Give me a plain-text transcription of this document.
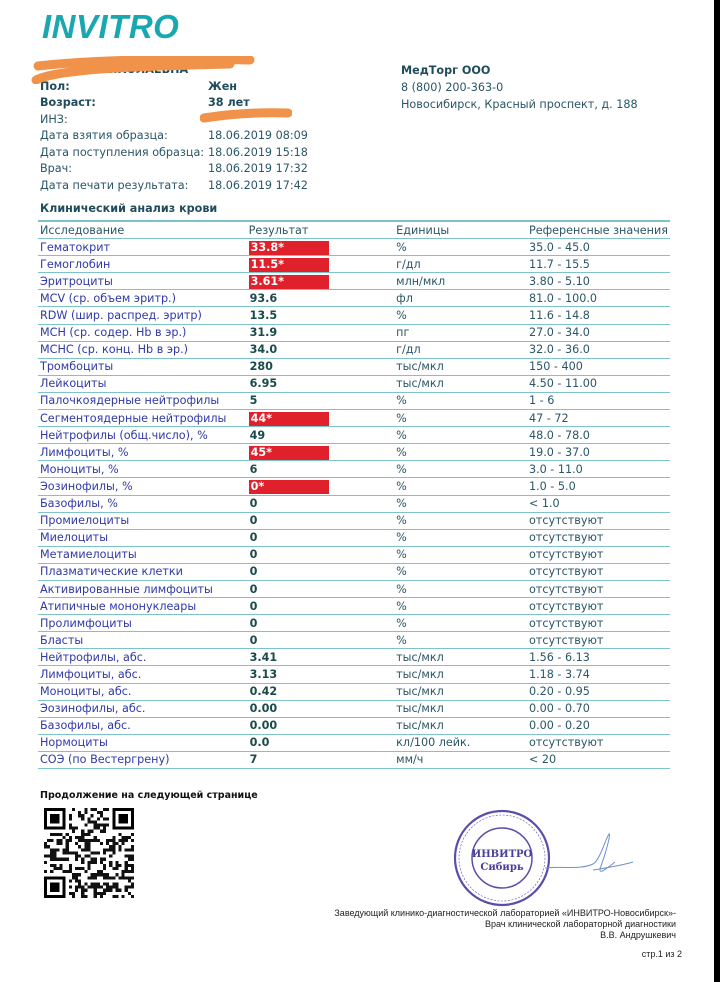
INVITRO
ИКОЛАЕВНА
Пол:	Жен
Возраст:	38 лет
ИНЗ:
Дата взятия образца:	18.06.2019 08:09
Дата поступления образца: 18.06.2019 15:18
Врач:	18.06.2019 17:32
Дата печати результата:	18.06.2019 17:42
МедТорг ООО
8 (800) 200-363-0
Новосибирск, Красный проспект, д. 188
Клинический анализ крови
Исследование	Результат	Единицы	Референсные значения
Гематокрит	33.8*	%	35.0 - 45.0
Гемоглобин	11.5*	г/дл	11.7 - 15.5
Эритроциты	3.61*	млн/мкл	3.80 - 5.10
MCV (ср. объем эритр.)	93.6	фл	81.0 - 100.0
RDW (шир. распред. эритр)	13.5	%	11.6 - 14.8
MCH (ср. содер. Hb в эр.)	31.9	пг	27.0 - 34.0
MCHC (ср. конц. Hb в эр.)	34.0	г/дл	32.0 - 36.0
Тромбоциты	280	тыс/мкл	150 - 400
Лейкоциты	6.95	тыс/мкл	4.50 - 11.00
Палочкоядерные нейтрофилы	5	%	1 - 6
Сегментоядерные нейтрофилы	44*	%	47 - 72
Нейтрофилы (общ.число), %	49	%	48.0 - 78.0
Лимфоциты, %	45*	%	19.0 - 37.0
Моноциты, %	6	%	3.0 - 11.0
Эозинофилы, %	0*	%	1.0 - 5.0
Базофилы, %	0	%	< 1.0
Промиелоциты	0	%	отсутствуют
Миелоциты	0	%	отсутствуют
Метамиелоциты	0	%	отсутствуют
Плазматические клетки	0	%	отсутствуют
Активированные лимфоциты	0	%	отсутствуют
Атипичные мононуклеары	0	%	отсутствуют
Пролимфоциты	0	%	отсутствуют
Бласты	0	%	отсутствуют
Нейтрофилы, абс.	3.41	тыс/мкл	1.56 - 6.13
Лимфоциты, абс.	3.13	тыс/мкл	1.18 - 3.74
Моноциты, абс.	0.42	тыс/мкл	0.20 - 0.95
Эозинофилы, абс.	0.00	тыс/мкл	0.00 - 0.70
Базофилы, абс.	0.00	тыс/мкл	0.00 - 0.20
Нормоциты	0.0	кл/100 лейк.	отсутствуют
СОЭ (по Вестергрену)	7	мм/ч	< 20
Продолжение на следующей странице
ИНВИТРО
Сибирь
Заведующий клинико-диагностической лабораторией «ИНВИТРО-Новосибирск»-
Врач клинической лабораторной диагностики
В.В. Андрушкевич
стр.1 из 2
